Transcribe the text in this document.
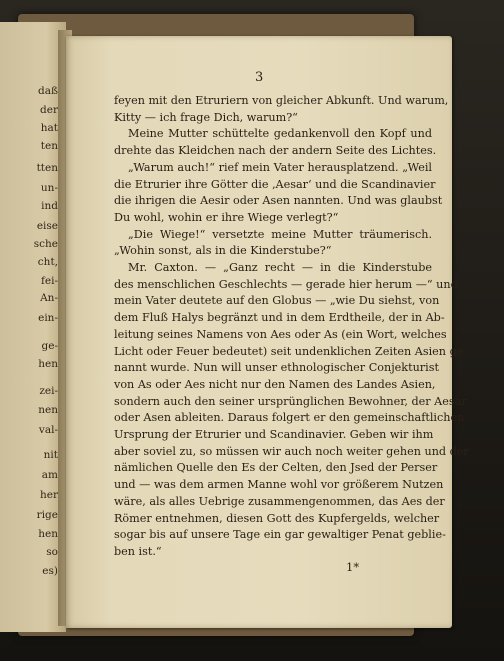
daß
der
hat
ten
tten
un-
ind
eise
sche
cht,
fei-
An-
ein-
ge-
hen
zei-
nen
val-
nit
am
her
rige
hen
so
es)
3
1*
feyen mit den Etruriern von gleicher Abkunft. Und warum,
Kitty — ich frage Dich, warum?“
Meine Mutter schüttelte gedankenvoll den Kopf und
drehte das Kleidchen nach der andern Seite des Lichtes.
„Warum auch!“ rief mein Vater herausplatzend. „Weil
die Etrurier ihre Götter die ‚Aesar‘ und die Scandinavier
die ihrigen die Aesir oder Asen nannten. Und was glaubst
Du wohl, wohin er ihre Wiege verlegt?“
„Die Wiege!“ versetzte meine Mutter träumerisch.
„Wohin sonst, als in die Kinderstube?“
Mr. Caxton. — „Ganz recht — in die Kinderstube
des menschlichen Geschlechts — gerade hier herum —“ und
mein Vater deutete auf den Globus — „wie Du siehst, von
dem Fluß Halys begränzt und in dem Erdtheile, der in Ab-
leitung seines Namens von Aes oder As (ein Wort, welches
Licht oder Feuer bedeutet) seit undenklichen Zeiten Asien ge-
nannt wurde. Nun will unser ethnologischer Conjekturist
von As oder Aes nicht nur den Namen des Landes Asien,
sondern auch den seiner ursprünglichen Bewohner, der Aesar
oder Asen ableiten. Daraus folgert er den gemeinschaftlichen
Ursprung der Etrurier und Scandinavier. Geben wir ihm
aber soviel zu, so müssen wir auch noch weiter gehen und der
nämlichen Quelle den Es der Celten, den Jsed der Perser
und — was dem armen Manne wohl vor größerem Nutzen
wäre, als alles Uebrige zusammengenommen, das Aes der
Römer entnehmen, diesen Gott des Kupfergelds, welcher
sogar bis auf unsere Tage ein gar gewaltiger Penat geblie-
ben ist.“
